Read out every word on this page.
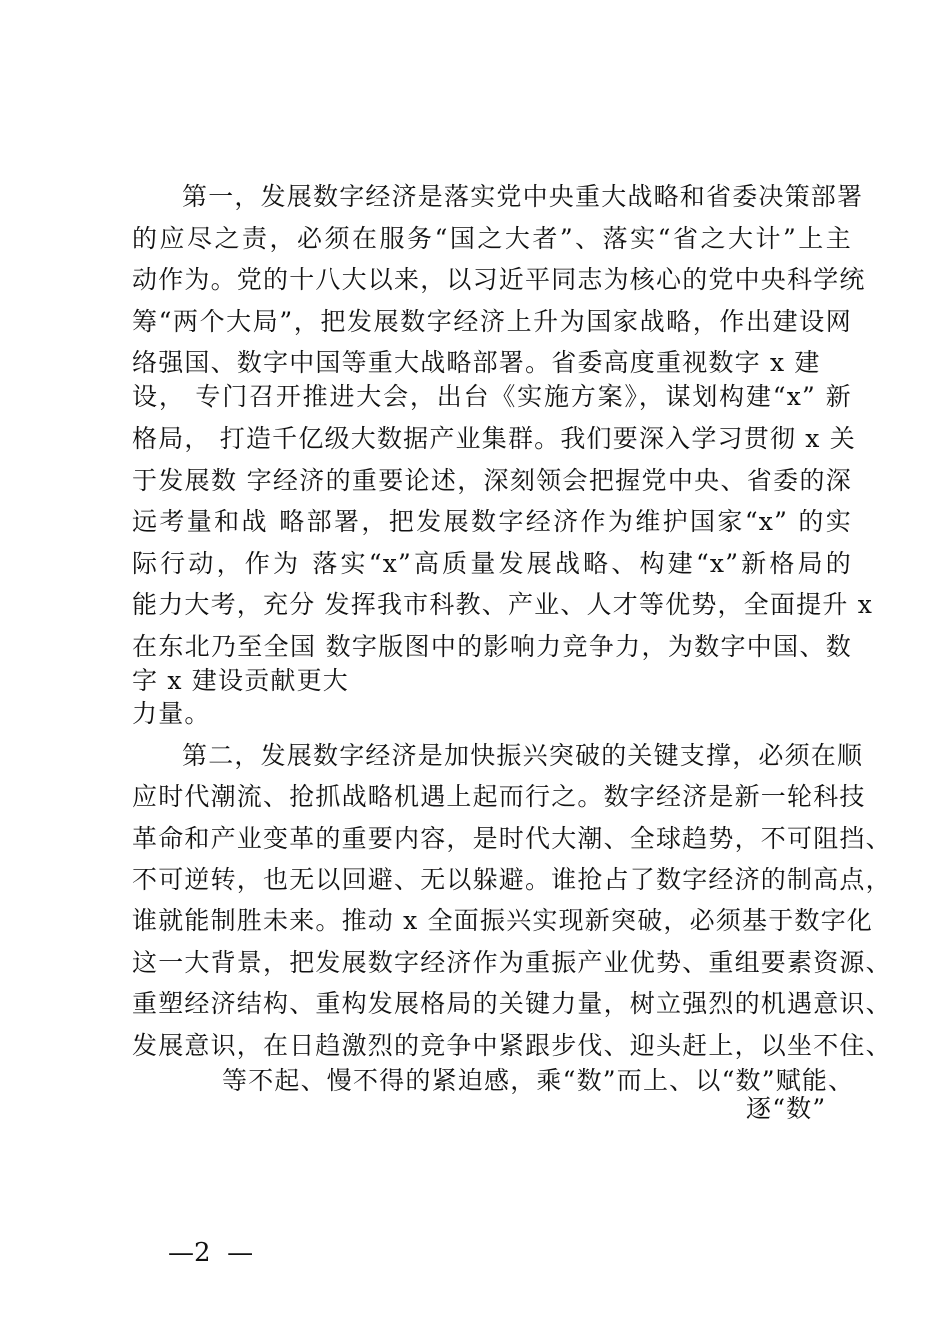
第一，发展数字经济是落实党中央重大战略和省委决策部署
的应尽之责，必须在服务“国之大者”、落实“省之大计”上主
动作为。党的十八大以来，以习近平同志为核心的党中央科学统
筹“两个大局”，把发展数字经济上升为国家战略，作出建设网
络强国、数字中国等重大战略部署。省委高度重视数字 x 建
设， 专门召开推进大会，出台《实施方案》，谋划构建“x” 新
格局， 打造千亿级大数据产业集群。我们要深入学习贯彻 x 关
于发展数 字经济的重要论述，深刻领会把握党中央、省委的深
远考量和战 略部署，把发展数字经济作为维护国家“x” 的实
际行动，作为 落实“x”高质量发展战略、构建“x”新格局的
能力大考，充分 发挥我市科教、产业、人才等优势，全面提升 x
在东北乃至全国 数字版图中的影响力竞争力，为数字中国、数
字 x 建设贡献更大
力量。
第二，发展数字经济是加快振兴突破的关键支撑，必须在顺
应时代潮流、抢抓战略机遇上起而行之。数字经济是新一轮科技
革命和产业变革的重要内容，是时代大潮、全球趋势，不可阻挡、
不可逆转，也无以回避、无以躲避。谁抢占了数字经济的制高点，
谁就能制胜未来。推动 x 全面振兴实现新突破，必须基于数字化
这一大背景，把发展数字经济作为重振产业优势、重组要素资源、
重塑经济结构、重构发展格局的关键力量，树立强烈的机遇意识、
发展意识，在日趋激烈的竞争中紧跟步伐、迎头赶上，以坐不住、
等不起、慢不得的紧迫感，乘“数”而上、以“数”赋能、
逐“数”
—2  —
